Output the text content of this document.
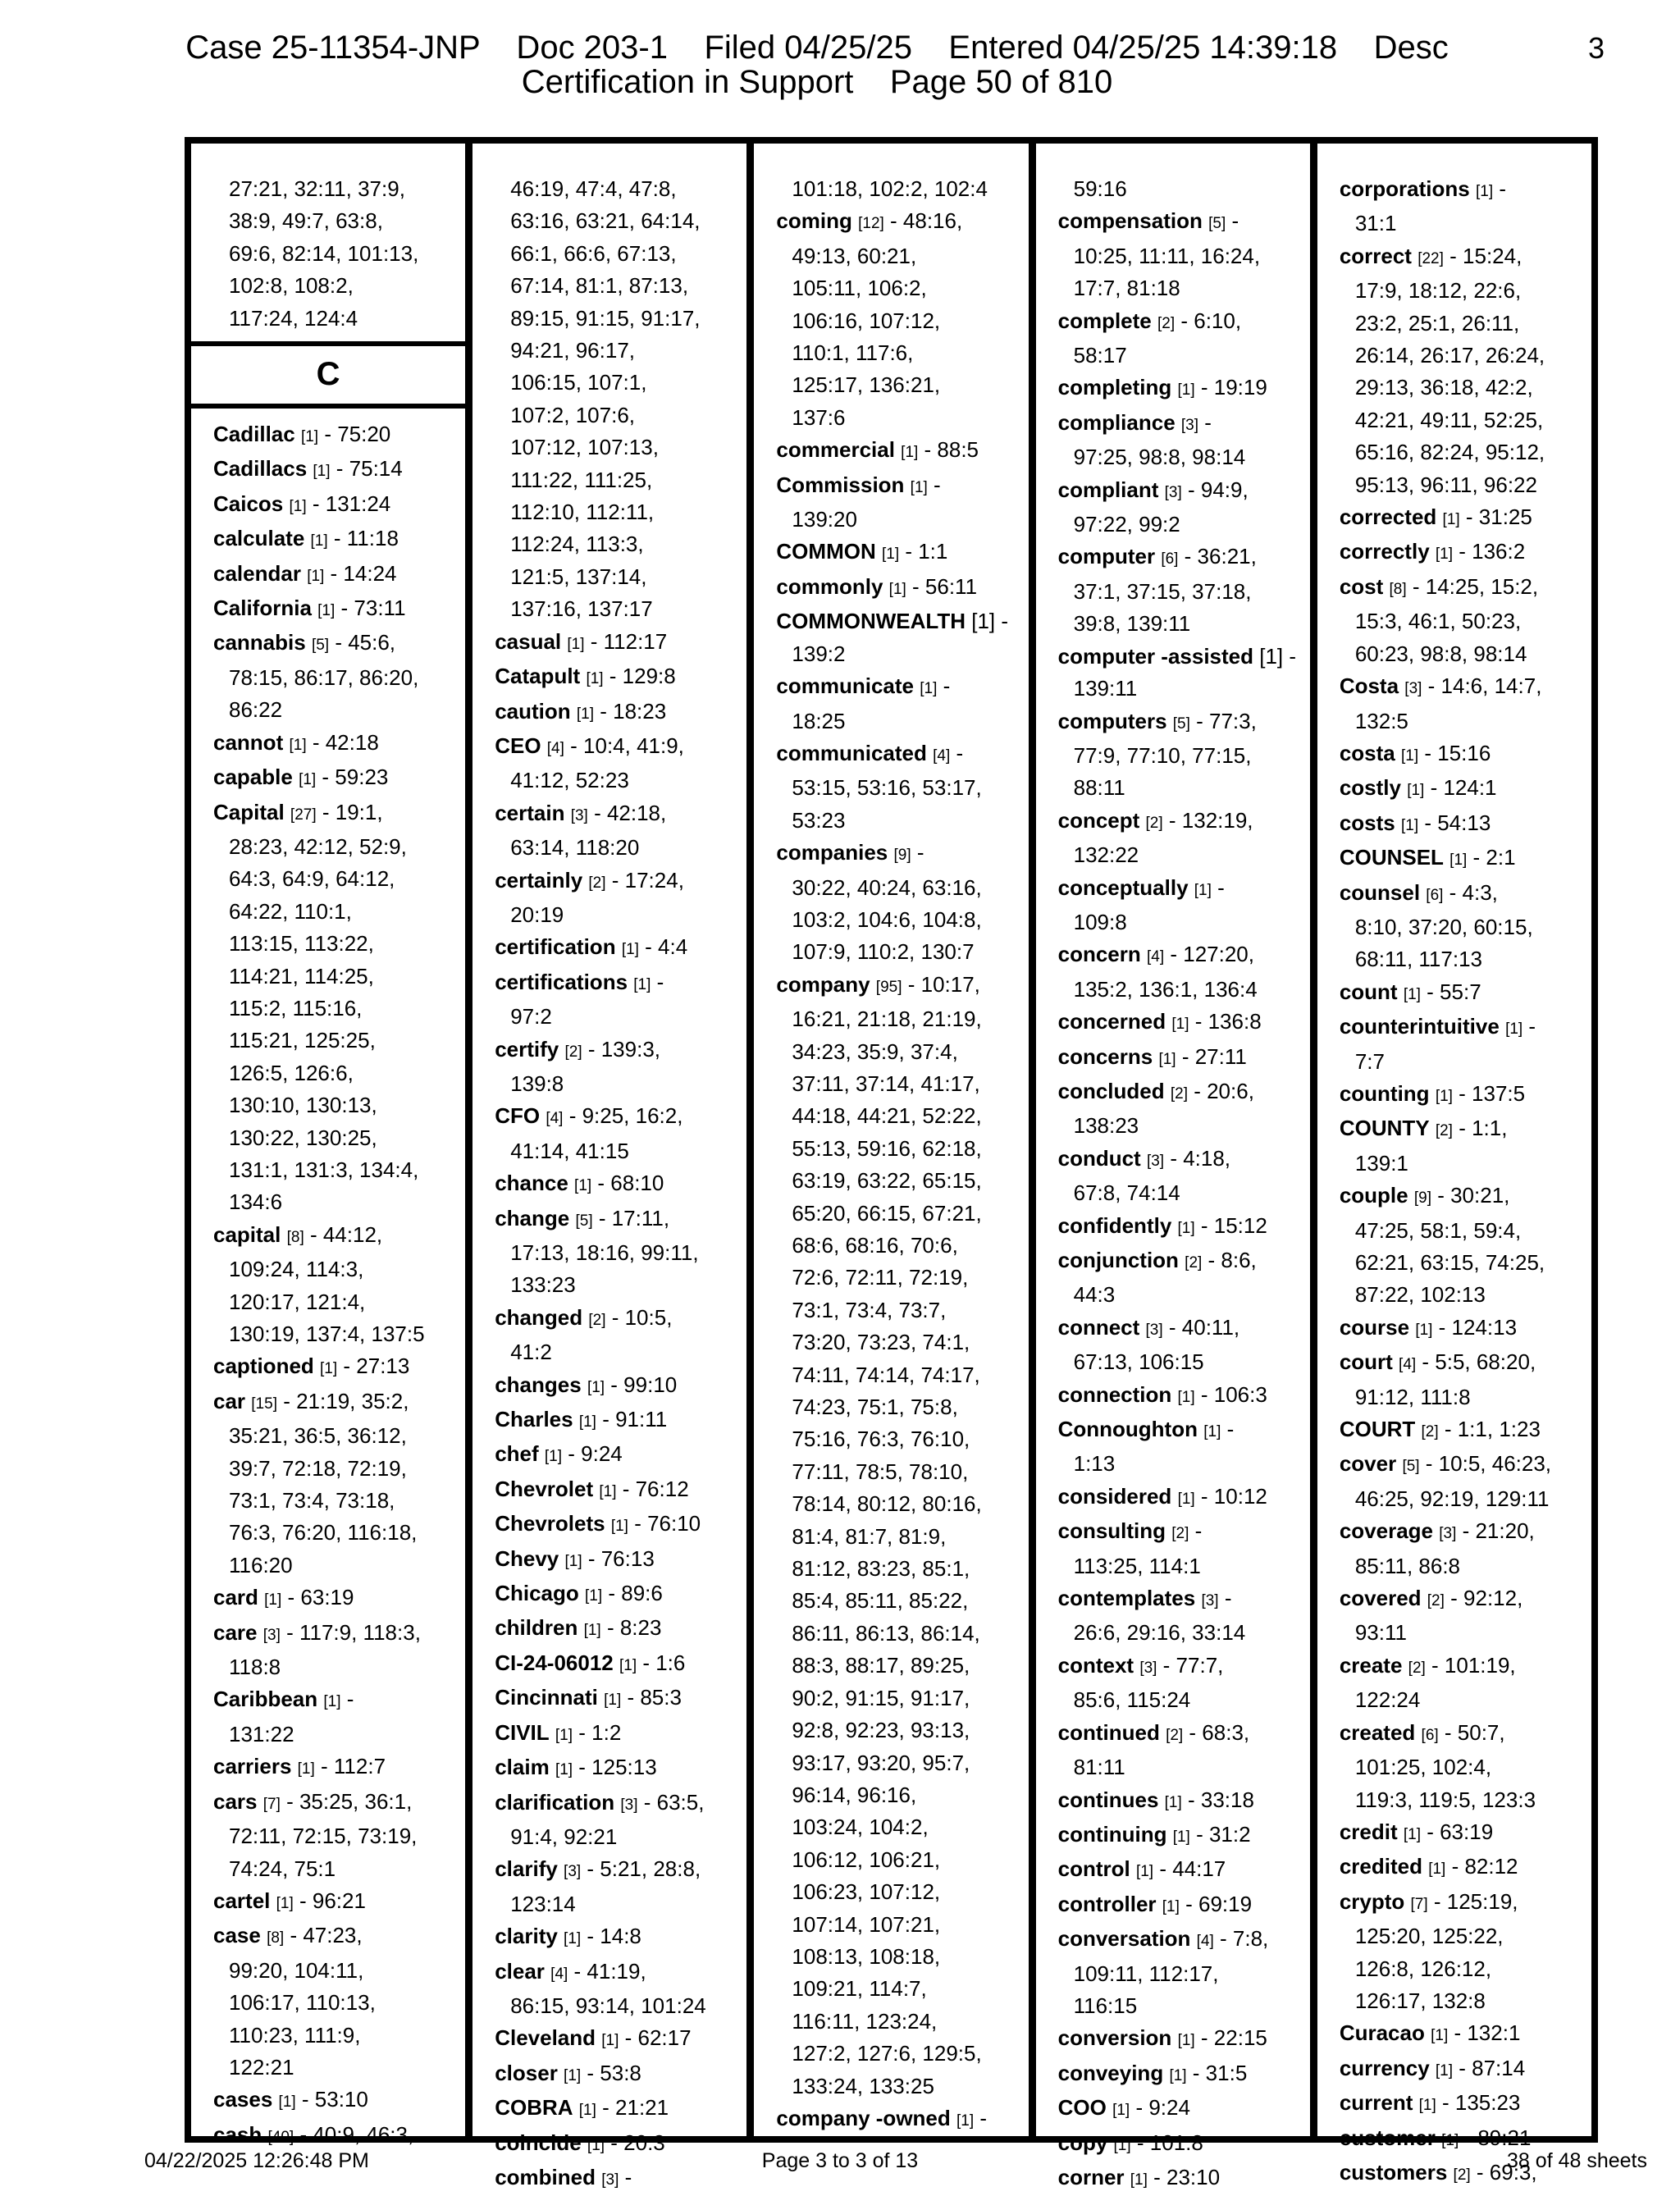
Case 25-11354-JNP    Doc 203-1    Filed 04/25/25    Entered 04/25/25 14:39:18    Desc
Certification in Support    Page 50 of 810
3
27:21, 32:11, 37:9,
38:9, 49:7, 63:8,
69:6, 82:14, 101:13,
102:8, 108:2,
117:24, 124:4
C
Cadillac [1] - 75:20
Cadillacs [1] - 75:14
Caicos [1] - 131:24
calculate [1] - 11:18
calendar [1] - 14:24
California [1] - 73:11
cannabis [5] - 45:6,
78:15, 86:17, 86:20,
86:22
cannot [1] - 42:18
capable [1] - 59:23
Capital [27] - 19:1,
28:23, 42:12, 52:9,
64:3, 64:9, 64:12,
64:22, 110:1,
113:15, 113:22,
114:21, 114:25,
115:2, 115:16,
115:21, 125:25,
126:5, 126:6,
130:10, 130:13,
130:22, 130:25,
131:1, 131:3, 134:4,
134:6
capital [8] - 44:12,
109:24, 114:3,
120:17, 121:4,
130:19, 137:4, 137:5
captioned [1] - 27:13
car [15] - 21:19, 35:2,
35:21, 36:5, 36:12,
39:7, 72:18, 72:19,
73:1, 73:4, 73:18,
76:3, 76:20, 116:18,
116:20
card [1] - 63:19
care [3] - 117:9, 118:3,
118:8
Caribbean [1] -
131:22
carriers [1] - 112:7
cars [7] - 35:25, 36:1,
72:11, 72:15, 73:19,
74:24, 75:1
cartel [1] - 96:21
case [8] - 47:23,
99:20, 104:11,
106:17, 110:13,
110:23, 111:9,
122:21
cases [1] - 53:10
cash [40] - 40:9, 46:3,
46:19, 47:4, 47:8,
63:16, 63:21, 64:14,
66:1, 66:6, 67:13,
67:14, 81:1, 87:13,
89:15, 91:15, 91:17,
94:21, 96:17,
106:15, 107:1,
107:2, 107:6,
107:12, 107:13,
111:22, 111:25,
112:10, 112:11,
112:24, 113:3,
121:5, 137:14,
137:16, 137:17
casual [1] - 112:17
Catapult [1] - 129:8
caution [1] - 18:23
CEO [4] - 10:4, 41:9,
41:12, 52:23
certain [3] - 42:18,
63:14, 118:20
certainly [2] - 17:24,
20:19
certification [1] - 4:4
certifications [1] -
97:2
certify [2] - 139:3,
139:8
CFO [4] - 9:25, 16:2,
41:14, 41:15
chance [1] - 68:10
change [5] - 17:11,
17:13, 18:16, 99:11,
133:23
changed [2] - 10:5,
41:2
changes [1] - 99:10
Charles [1] - 91:11
chef [1] - 9:24
Chevrolet [1] - 76:12
Chevrolets [1] - 76:10
Chevy [1] - 76:13
Chicago [1] - 89:6
children [1] - 8:23
CI-24-06012 [1] - 1:6
Cincinnati [1] - 85:3
CIVIL [1] - 1:2
claim [1] - 125:13
clarification [3] - 63:5,
91:4, 92:21
clarify [3] - 5:21, 28:8,
123:14
clarity [1] - 14:8
clear [4] - 41:19,
86:15, 93:14, 101:24
Cleveland [1] - 62:17
closer [1] - 53:8
COBRA [1] - 21:21
coincide [1] - 20:3
combined [3] -
101:18, 102:2, 102:4
coming [12] - 48:16,
49:13, 60:21,
105:11, 106:2,
106:16, 107:12,
110:1, 117:6,
125:17, 136:21,
137:6
commercial [1] - 88:5
Commission [1] -
139:20
COMMON [1] - 1:1
commonly [1] - 56:11
COMMONWEALTH [1] - 139:2
communicate [1] -
18:25
communicated [4] -
53:15, 53:16, 53:17,
53:23
companies [9] -
30:22, 40:24, 63:16,
103:2, 104:6, 104:8,
107:9, 110:2, 130:7
company [95] - 10:17,
16:21, 21:18, 21:19,
34:23, 35:9, 37:4,
37:11, 37:14, 41:17,
44:18, 44:21, 52:22,
55:13, 59:16, 62:18,
63:19, 63:22, 65:15,
65:20, 66:15, 67:21,
68:6, 68:16, 70:6,
72:6, 72:11, 72:19,
73:1, 73:4, 73:7,
73:20, 73:23, 74:1,
74:11, 74:14, 74:17,
74:23, 75:1, 75:8,
75:16, 76:3, 76:10,
77:11, 78:5, 78:10,
78:14, 80:12, 80:16,
81:4, 81:7, 81:9,
81:12, 83:23, 85:1,
85:4, 85:11, 85:22,
86:11, 86:13, 86:14,
88:3, 88:17, 89:25,
90:2, 91:15, 91:17,
92:8, 92:23, 93:13,
93:17, 93:20, 95:7,
96:14, 96:16,
103:24, 104:2,
106:12, 106:21,
106:23, 107:12,
107:14, 107:21,
108:13, 108:18,
109:21, 114:7,
116:11, 123:24,
127:2, 127:6, 129:5,
133:24, 133:25
company -owned [1] -
59:16
compensation [5] -
10:25, 11:11, 16:24,
17:7, 81:18
complete [2] - 6:10,
58:17
completing [1] - 19:19
compliance [3] -
97:25, 98:8, 98:14
compliant [3] - 94:9,
97:22, 99:2
computer [6] - 36:21,
37:1, 37:15, 37:18,
39:8, 139:11
computer -assisted [1] - 139:11
computers [5] - 77:3,
77:9, 77:10, 77:15,
88:11
concept [2] - 132:19,
132:22
conceptually [1] -
109:8
concern [4] - 127:20,
135:2, 136:1, 136:4
concerned [1] - 136:8
concerns [1] - 27:11
concluded [2] - 20:6,
138:23
conduct [3] - 4:18,
67:8, 74:14
confidently [1] - 15:12
conjunction [2] - 8:6,
44:3
connect [3] - 40:11,
67:13, 106:15
connection [1] - 106:3
Connoughton [1] -
1:13
considered [1] - 10:12
consulting [2] -
113:25, 114:1
contemplates [3] -
26:6, 29:16, 33:14
context [3] - 77:7,
85:6, 115:24
continued [2] - 68:3,
81:11
continues [1] - 33:18
continuing [1] - 31:2
control [1] - 44:17
controller [1] - 69:19
conversation [4] - 7:8,
109:11, 112:17,
116:15
conversion [1] - 22:15
conveying [1] - 31:5
COO [1] - 9:24
copy [1] - 101:8
corner [1] - 23:10
corporations [1] -
31:1
correct [22] - 15:24,
17:9, 18:12, 22:6,
23:2, 25:1, 26:11,
26:14, 26:17, 26:24,
29:13, 36:18, 42:2,
42:21, 49:11, 52:25,
65:16, 82:24, 95:12,
95:13, 96:11, 96:22
corrected [1] - 31:25
correctly [1] - 136:2
cost [8] - 14:25, 15:2,
15:3, 46:1, 50:23,
60:23, 98:8, 98:14
Costa [3] - 14:6, 14:7,
132:5
costa [1] - 15:16
costly [1] - 124:1
costs [1] - 54:13
COUNSEL [1] - 2:1
counsel [6] - 4:3,
8:10, 37:20, 60:15,
68:11, 117:13
count [1] - 55:7
counterintuitive [1] -
7:7
counting [1] - 137:5
COUNTY [2] - 1:1,
139:1
couple [9] - 30:21,
47:25, 58:1, 59:4,
62:21, 63:15, 74:25,
87:22, 102:13
course [1] - 124:13
court [4] - 5:5, 68:20,
91:12, 111:8
COURT [2] - 1:1, 1:23
cover [5] - 10:5, 46:23,
46:25, 92:19, 129:11
coverage [3] - 21:20,
85:11, 86:8
covered [2] - 92:12,
93:11
create [2] - 101:19,
122:24
created [6] - 50:7,
101:25, 102:4,
119:3, 119:5, 123:3
credit [1] - 63:19
credited [1] - 82:12
crypto [7] - 125:19,
125:20, 125:22,
126:8, 126:12,
126:17, 132:8
Curacao [1] - 132:1
currency [1] - 87:14
current [1] - 135:23
customer [1] - 89:21
customers [2] - 69:3,
04/22/2025 12:26:48 PM	Page 3 to 3 of 13	38 of 48 sheets
